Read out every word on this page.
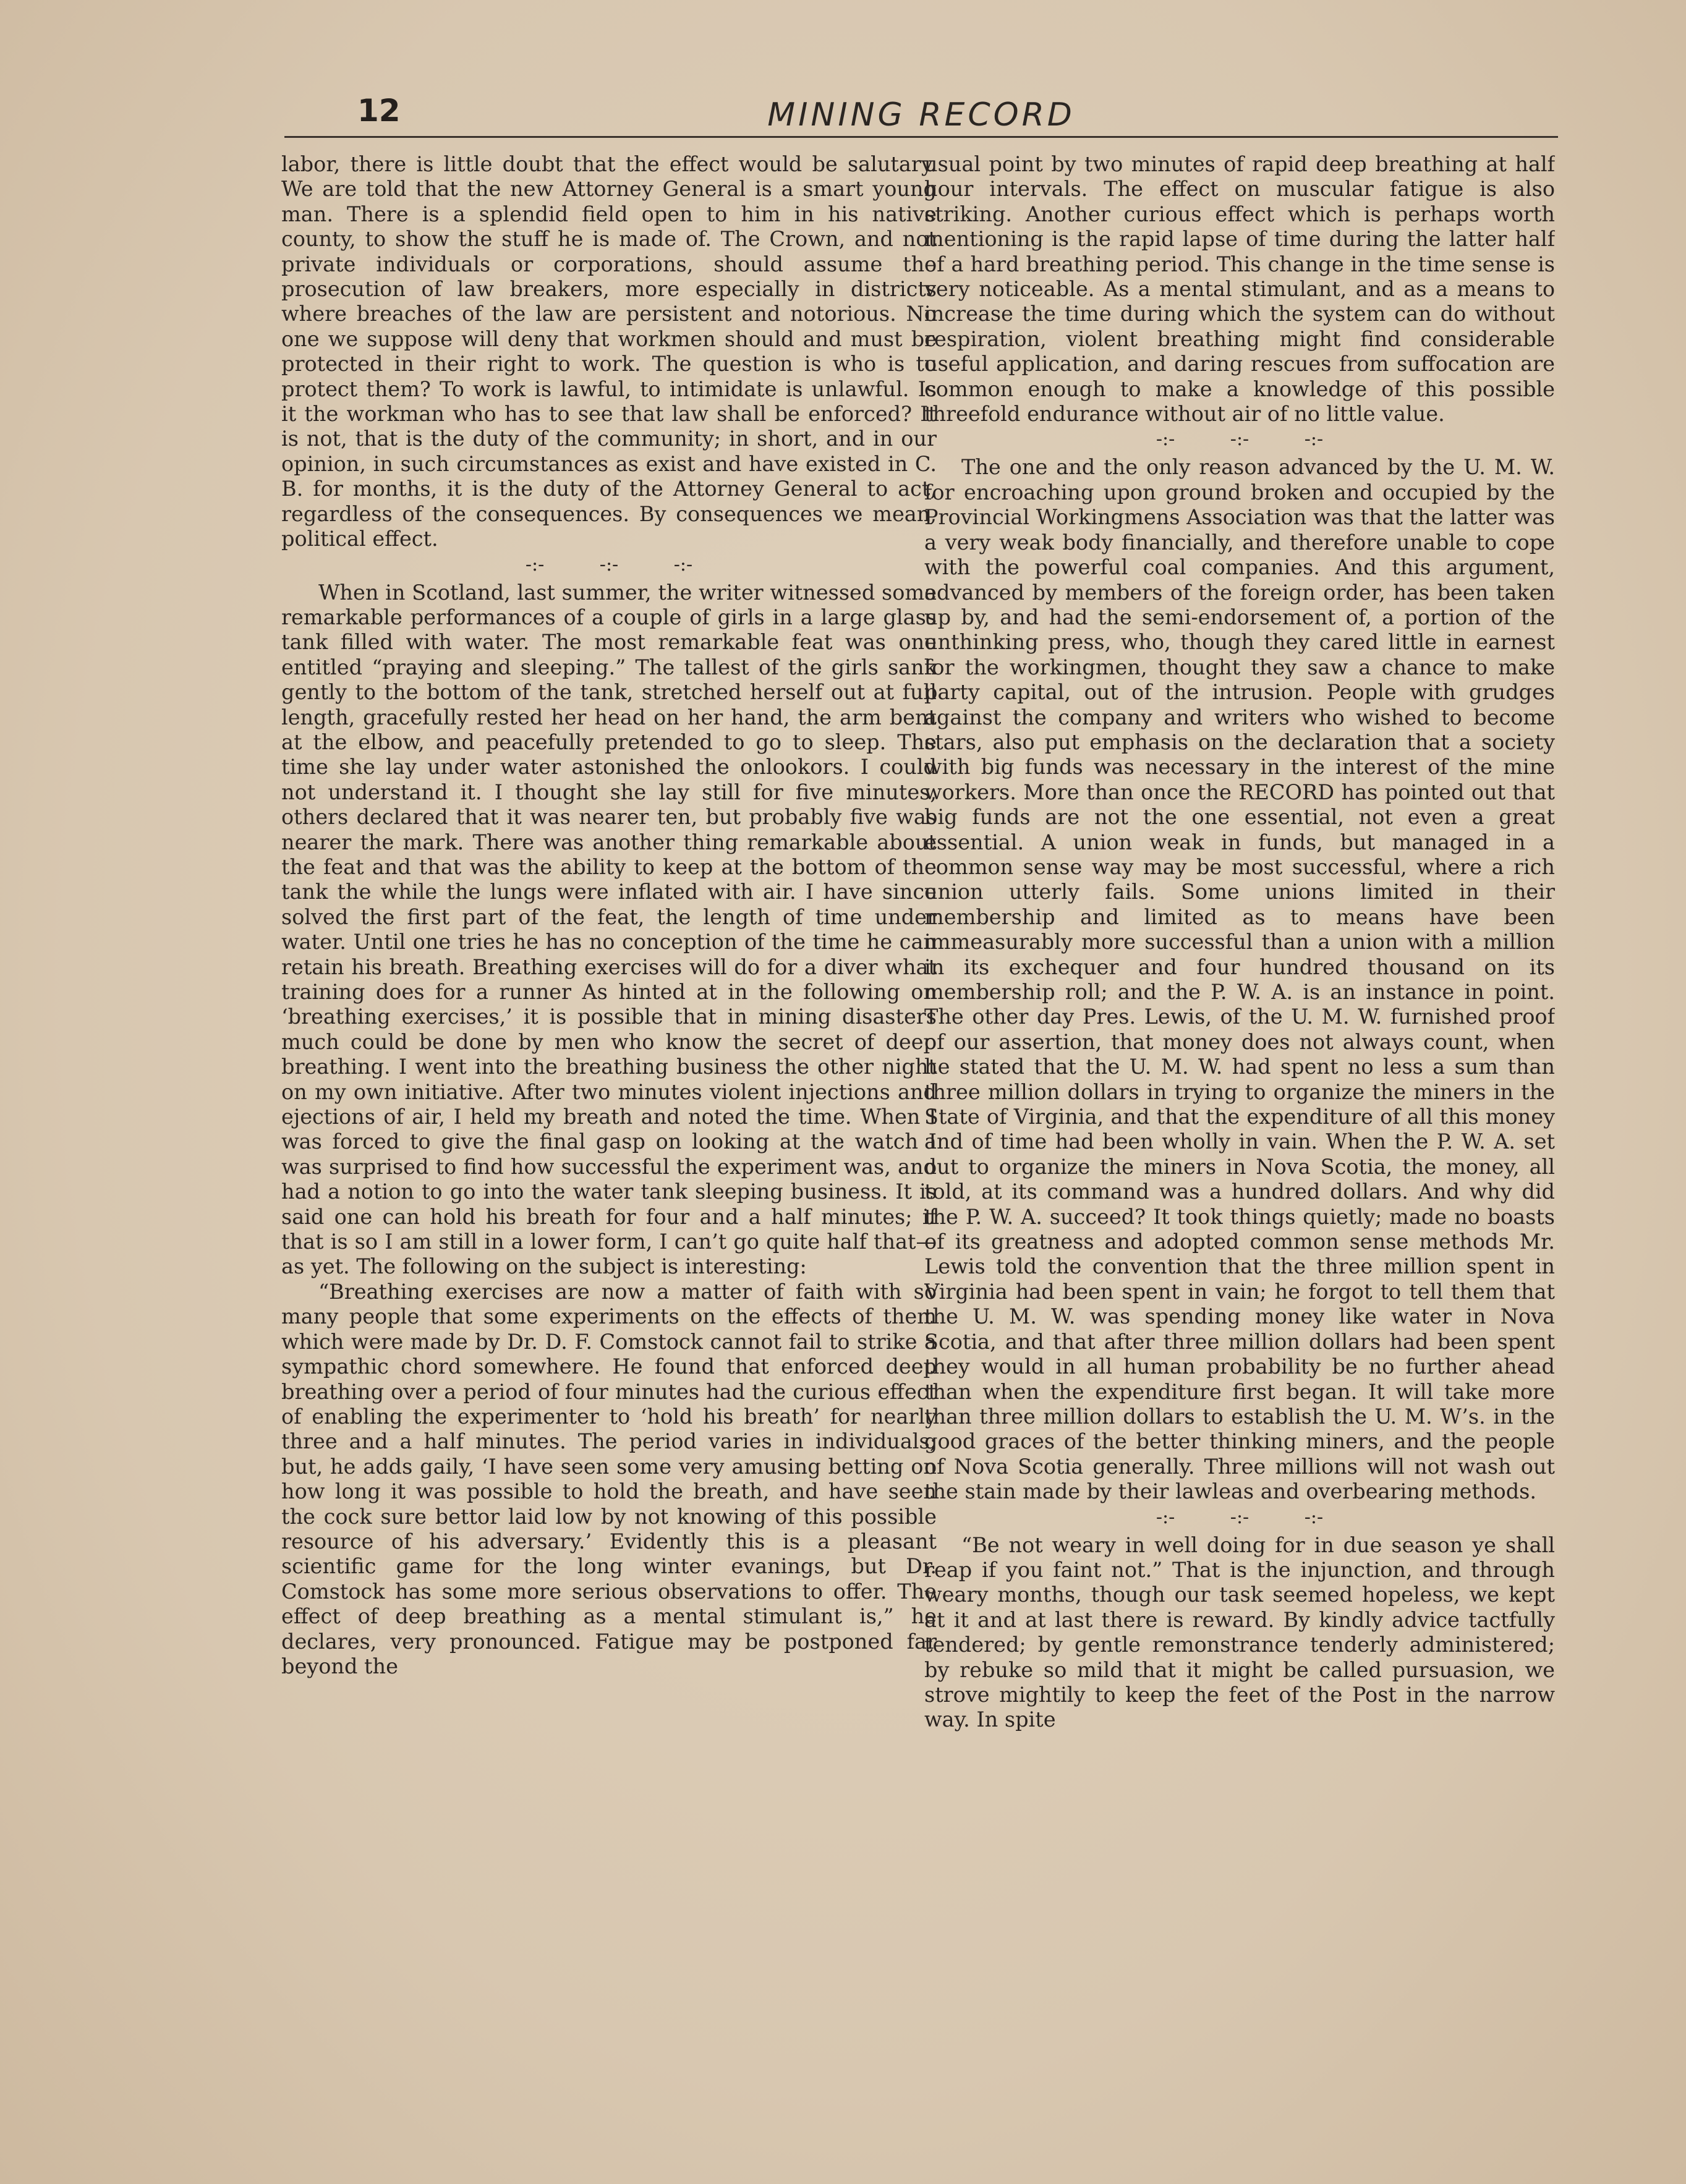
12	MINING RECORD

labor, there is little doubt that the effect would be salutary. We are told that the new Attorney General is a smart young man. There is a splendid field open to him in his native county, to show the stuff he is made of. The Crown, and not private individuals or corporations, should assume the prosecution of law breakers, more especially in districts where breaches of the law are persistent and notorious. No one we suppose will deny that workmen should and must be protected in their right to work. The question is who is to protect them? To work is lawful, to intimidate is unlawful. Is it the workman who has to see that law shall be enforced? It is not, that is the duty of the community; in short, and in our opinion, in such circumstances as exist and have existed in C. B. for months, it is the duty of the Attorney General to act, regardless of the consequences. By consequences we mean, political effect.

-:- -:- -:-

When in Scotland, last summer, the writer witnessed some remarkable performances of a couple of girls in a large glass tank filled with water. The most remarkable feat was one entitled “praying and sleeping.” The tallest of the girls sank gently to the bottom of the tank, stretched herself out at full length, gracefully rested her head on her hand, the arm bent at the elbow, and peacefully pretended to go to sleep. The time she lay under water astonished the onlookors. I could not understand it. I thought she lay still for five minutes, others declared that it was nearer ten, but probably five was nearer the mark. There was another thing remarkable about the feat and that was the ability to keep at the bottom of the tank the while the lungs were inflated with air. I have since solved the first part of the feat, the length of time under water. Until one tries he has no conception of the time he can retain his breath. Breathing exercises will do for a diver what training does for a runner As hinted at in the following on ‘breathing exercises,’ it is possible that in mining disasters much could be done by men who know the secret of deep breathing. I went into the breathing business the other night on my own initiative. After two minutes violent injections and ejections of air, I held my breath and noted the time. When I was forced to give the final gasp on looking at the watch I was surprised to find how successful the experiment was, and had a notion to go into the water tank sleeping business. It is said one can hold his breath for four and a half minutes; if that is so I am still in a lower form, I can’t go quite half that—as yet. The following on the subject is interesting:

“Breathing exercises are now a matter of faith with so many people that some experiments on the effects of them which were made by Dr. D. F. Comstock cannot fail to strike a sympathic chord somewhere. He found that enforced deep breathing over a period of four minutes had the curious effect of enabling the experimenter to ‘hold his breath’ for nearly three and a half minutes. The period varies in individuals; but, he adds gaily, ‘I have seen some very amusing betting on how long it was possible to hold the breath, and have seen the cock sure bettor laid low by not knowing of this possible resource of his adversary.’ Evidently this is a pleasant scientific game for the long winter evanings, but Dr. Comstock has some more serious observations to offer. The effect of deep breathing as a mental stimulant is,” he declares, very pronounced. Fatigue may be postponed far beyond the

usual point by two minutes of rapid deep breathing at half hour intervals. The effect on muscular fatigue is also striking. Another curious effect which is perhaps worth mentioning is the rapid lapse of time during the latter half of a hard breathing period. This change in the time sense is very noticeable. As a mental stimulant, and as a means to increase the time during which the system can do without respiration, violent breathing might find considerable useful application, and daring rescues from suffocation are common enough to make a knowledge of this possible threefold endurance without air of no little value.

-:- -:- -:-

The one and the only reason advanced by the U. M. W. for encroaching upon ground broken and occupied by the Provincial Workingmens Association was that the latter was a very weak body financially, and therefore unable to cope with the powerful coal companies. And this argument, advanced by members of the foreign order, has been taken up by, and had the semi-endorsement of, a portion of the unthinking press, who, though they cared little in earnest for the workingmen, thought they saw a chance to make party capital, out of the intrusion. People with grudges against the company and writers who wished to become stars, also put emphasis on the declaration that a society with big funds was necessary in the interest of the mine workers. More than once the RECORD has pointed out that big funds are not the one essential, not even a great essential. A union weak in funds, but managed in a common sense way may be most successful, where a rich union utterly fails. Some unions limited in their membership and limited as to means have been immeasurably more successful than a union with a million in its exchequer and four hundred thousand on its membership roll; and the P. W. A. is an instance in point. The other day Pres. Lewis, of the U. M. W. furnished proof of our assertion, that money does not always count, when he stated that the U. M. W. had spent no less a sum than three million dollars in trying to organize the miners in the State of Virginia, and that the expenditure of all this money and of time had been wholly in vain. When the P. W. A. set out to organize the miners in Nova Scotia, the money, all told, at its command was a hundred dollars. And why did the P. W. A. succeed? It took things quietly; made no boasts of its greatness and adopted common sense methods Mr. Lewis told the convention that the three million spent in Virginia had been spent in vain; he forgot to tell them that the U. M. W. was spending money like water in Nova Scotia, and that after three million dollars had been spent they would in all human probability be no further ahead than when the expenditure first began. It will take more than three million dollars to establish the U. M. W’s. in the good graces of the better thinking miners, and the people of Nova Scotia generally. Three millions will not wash out the stain made by their lawleas and overbearing methods.

-:- -:- -:-

“Be not weary in well doing for in due season ye shall reap if you faint not.” That is the injunction, and through weary months, though our task seemed hopeless, we kept at it and at last there is reward. By kindly advice tactfully tendered; by gentle remonstrance tenderly administered; by rebuke so mild that it might be called pursuasion, we strove mightily to keep the feet of the Post in the narrow way. In spite
